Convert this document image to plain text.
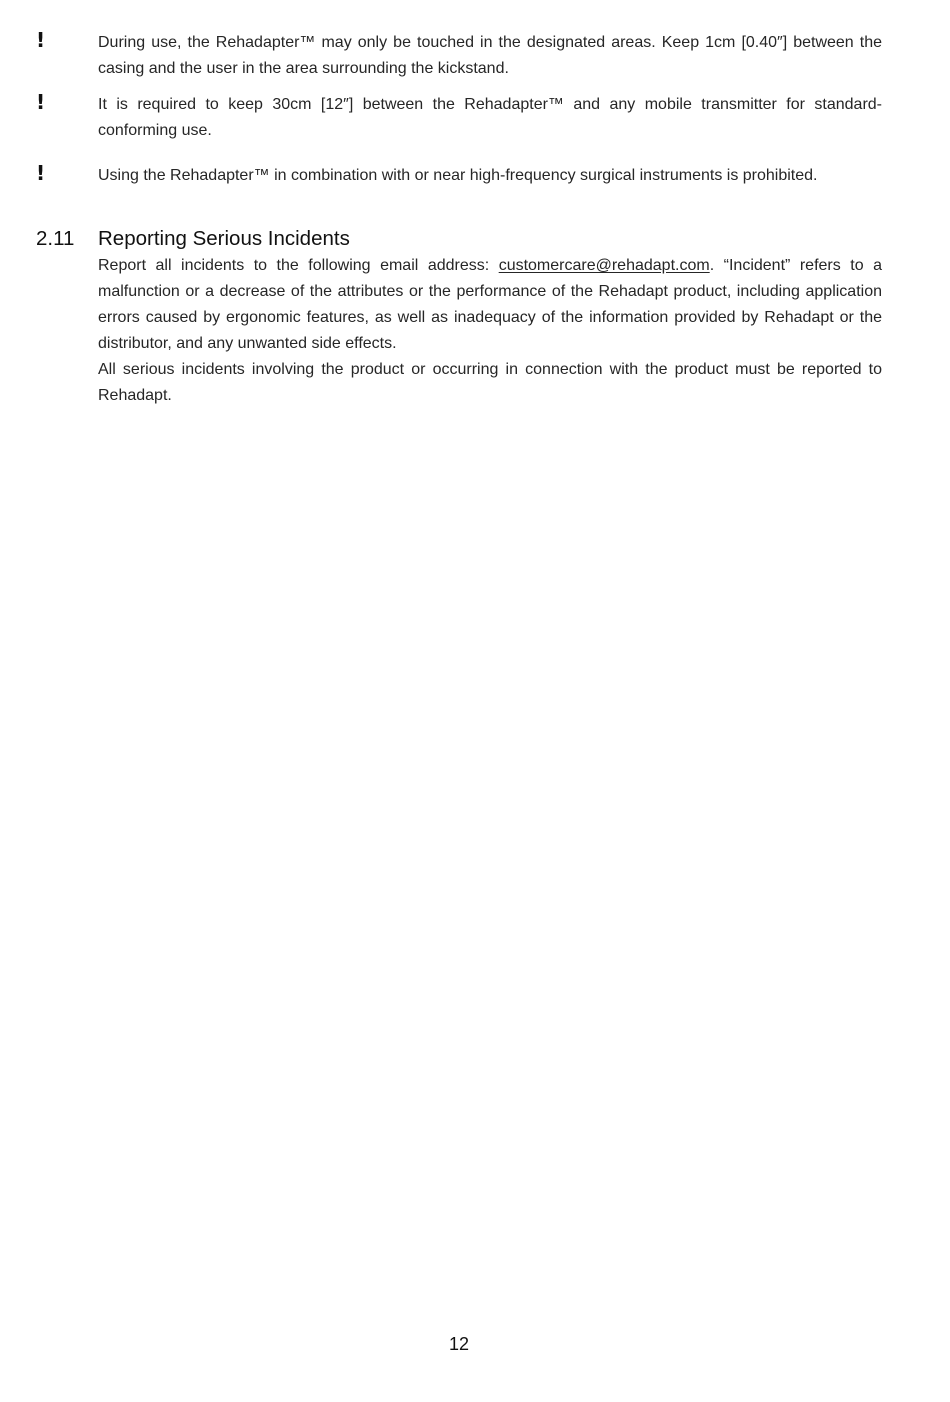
!	During use, the Rehadapter™ may only be touched in the designated areas. Keep 1cm [0.40″] between the casing and the user in the area surrounding the kickstand.
!	It is required to keep 30cm [12″] between the Rehadapter™ and any mobile transmitter for standard-conforming use.
!	Using the Rehadapter™ in combination with or near high-frequency surgical instruments is prohibited.
2.11 Reporting Serious Incidents

Report all incidents to the following email address: customercare@rehadapt.com. “Incident” refers to a malfunction or a decrease of the attributes or the performance of the Rehadapt product, including application errors caused by ergonomic features, as well as inadequacy of the information provided by Rehadapt or the distributor, and any unwanted side effects.

All serious incidents involving the product or occurring in connection with the product must be reported to Rehadapt.

12
